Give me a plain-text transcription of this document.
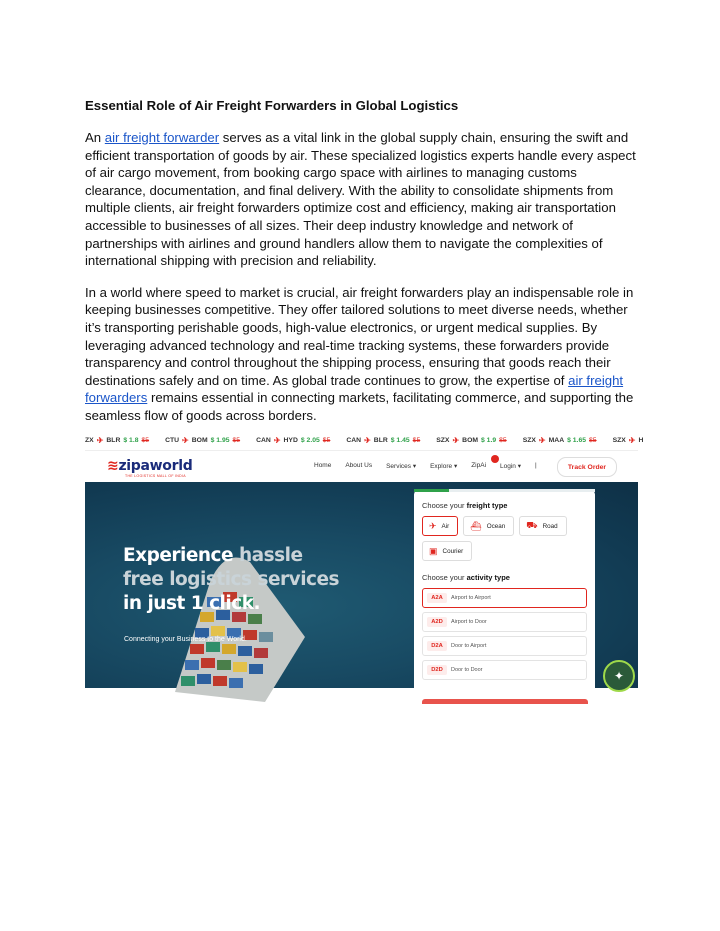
Essential Role of Air Freight Forwarders in Global Logistics

An air freight forwarder serves as a vital link in the global supply chain, ensuring the swift and efficient transportation of goods by air. These specialized logistics experts handle every aspect of air cargo movement, from booking cargo space with airlines to managing customs clearance, documentation, and final delivery. With the ability to consolidate shipments from multiple clients, air freight forwarders optimize cost and efficiency, making air transportation accessible to businesses of all sizes. Their deep industry knowledge and network of partnerships with airlines and ground handlers allow them to navigate the complexities of international shipping with precision and reliability.

In a world where speed to market is crucial, air freight forwarders play an indispensable role in keeping businesses competitive. They offer tailored solutions to meet diverse needs, whether it’s transporting perishable goods, high-value electronics, or urgent medical supplies. By leveraging advanced technology and real-time tracking systems, these forwarders provide transparency and control throughout the shipping process, ensuring that goods reach their destinations safely and on time. As global trade continues to grow, the expertise of air freight forwarders remains essential in connecting markets, facilitating commerce, and supporting the seamless flow of goods across borders.

ZX ✈ BLR $ 1.8 $5 CTU ✈ BOM $ 1.95 $5 CAN ✈ HYD $ 2.05 $5 CAN ✈ BLR $ 1.45 $5 SZX ✈ BOM $ 1.9 $5 SZX ✈ MAA $ 1.65 $5 SZX ✈ H
≋zipaworld
THE LOGISTICS MALL OF INDIA
Home About Us Services ▾ Explore ▾ ZipAi Login ▾ |	Track Order
Experience hassle
free logistics services
in just 1 click.
Connecting your Business to the World.
Choose your freight type
✈ Air ⛴ Ocean ⛟ Road
▣ Courier
Choose your activity type
A2A	Airport to Airport
A2D	Airport to Door
D2A	Door to Airport
D2D	Door to Door	✦
